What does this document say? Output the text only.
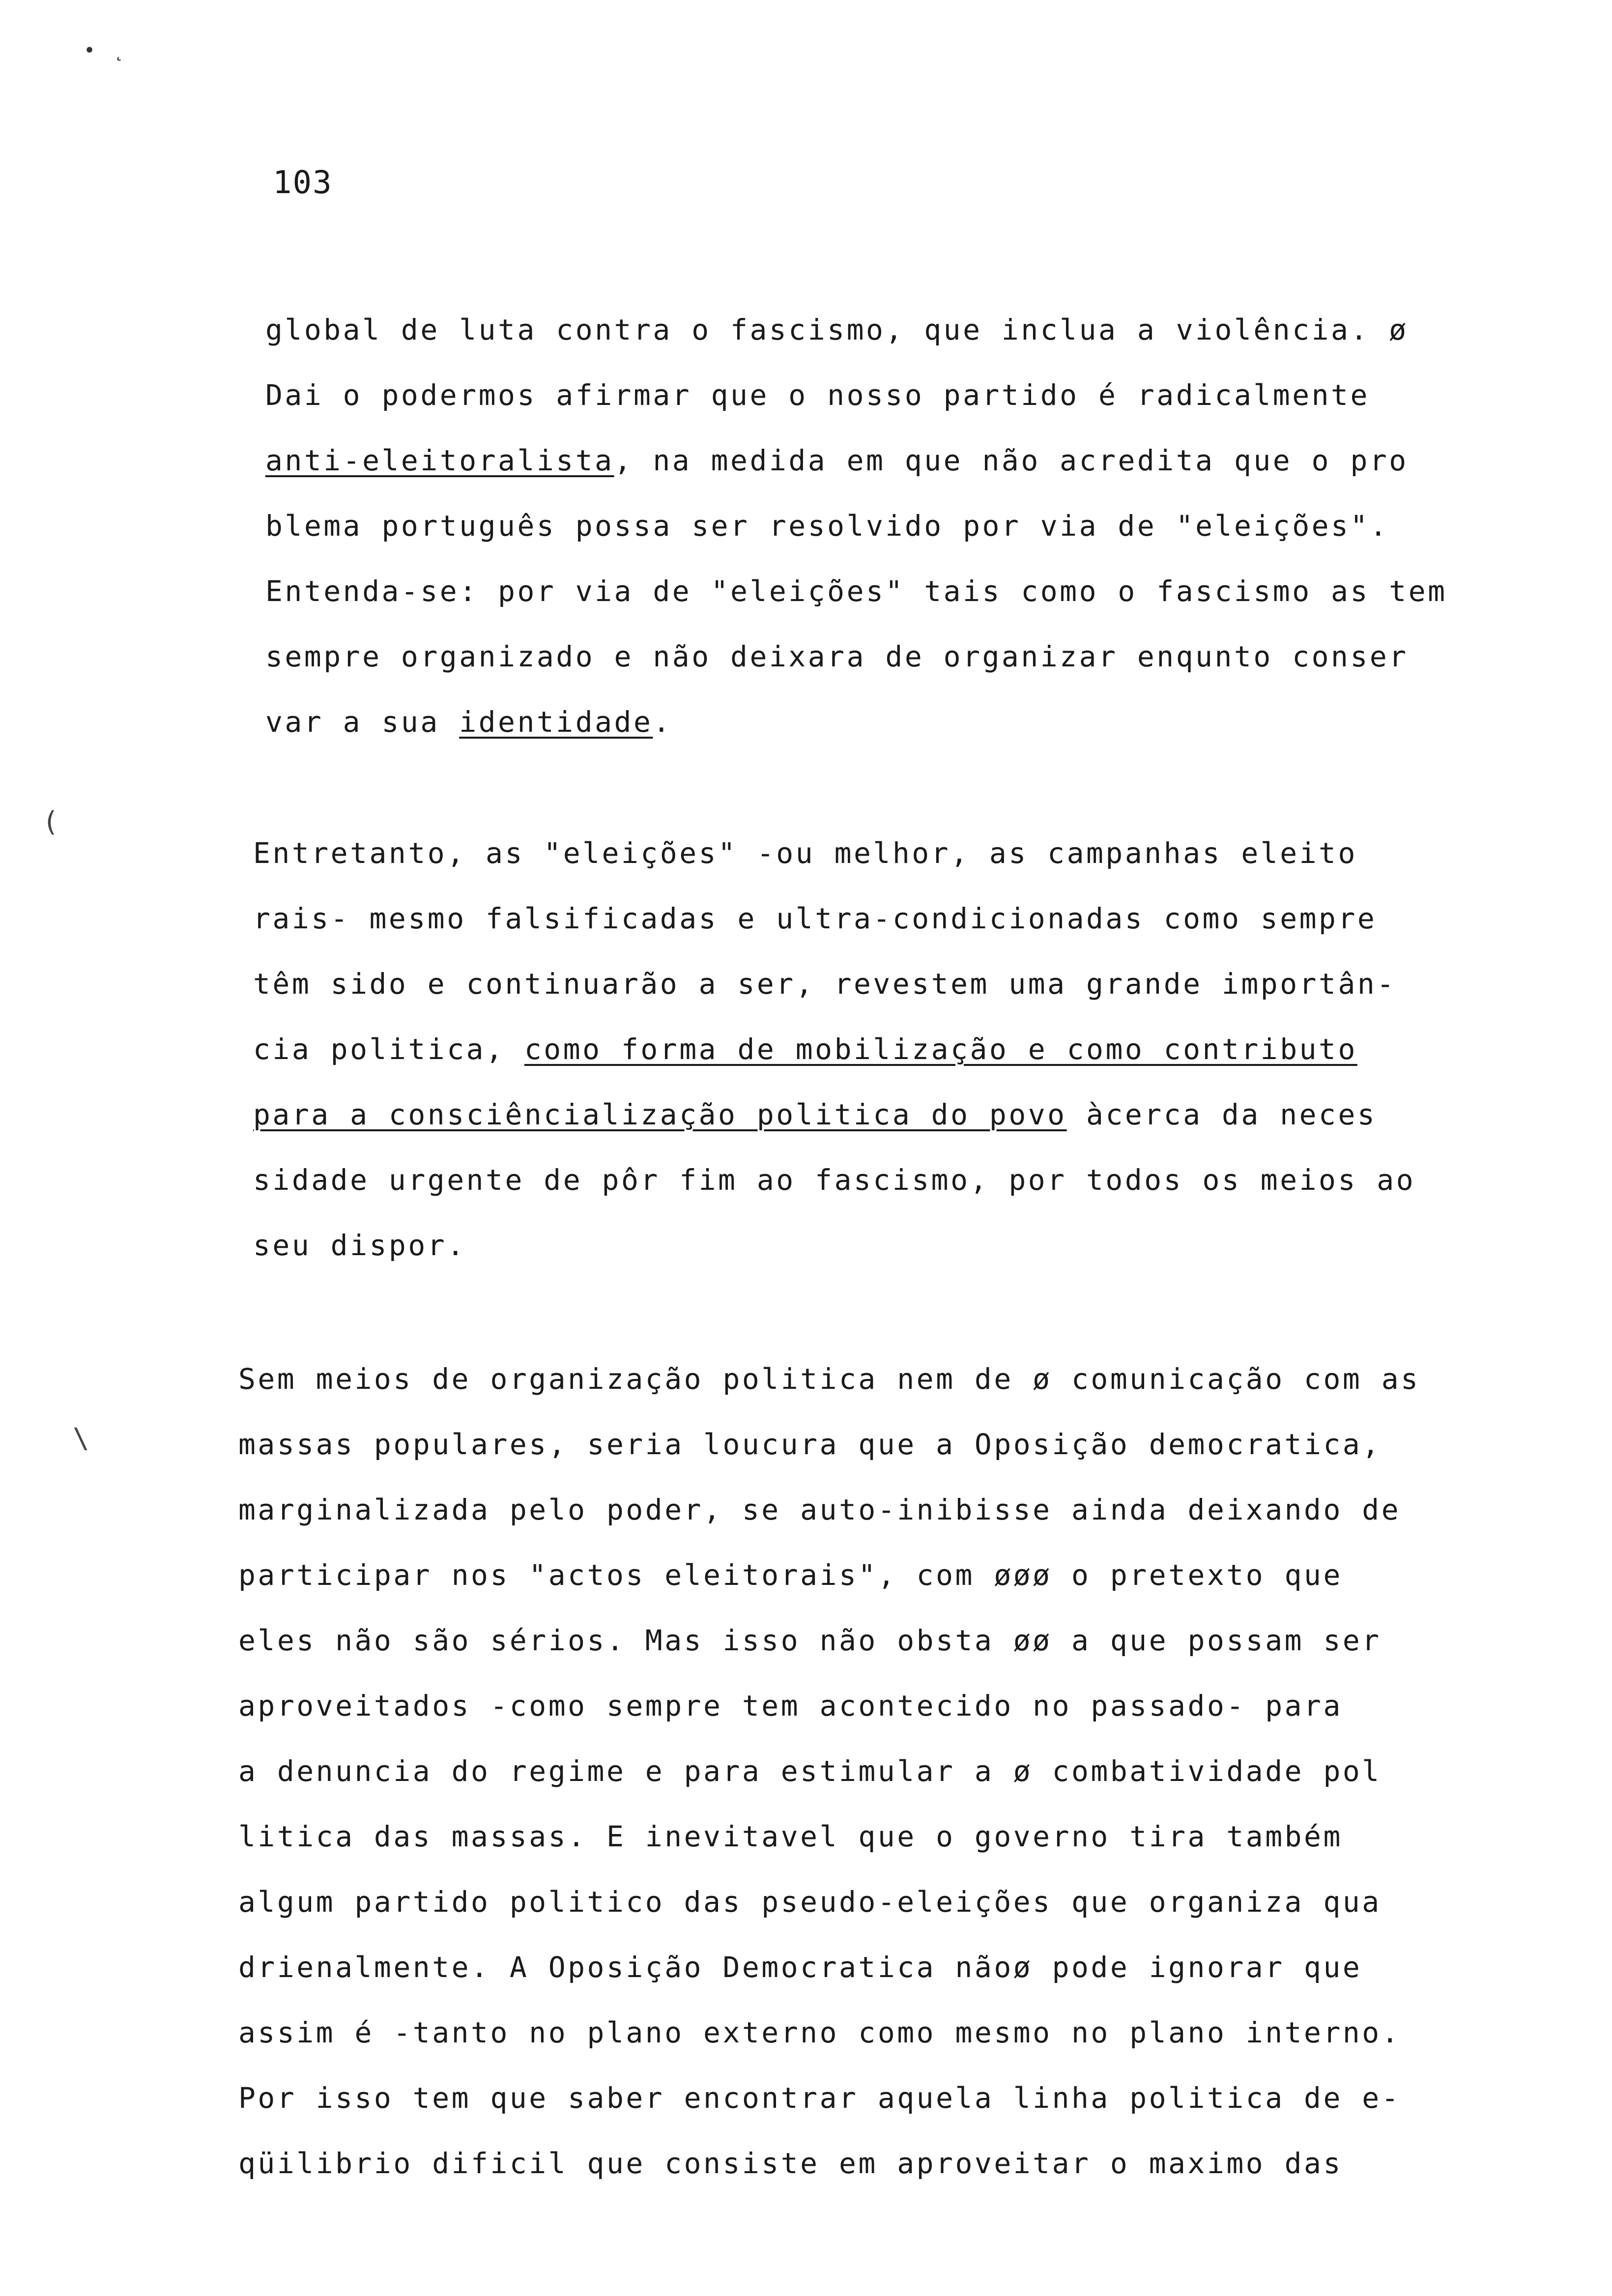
• ˛
(
\
103
global de luta contra o fascismo, que inclua a violência. ø
Dai o podermos afirmar que o nosso partido é radicalmente
anti-eleitoralista, na medida em que não acredita que o pro
blema português possa ser resolvido por via de "eleições".
Entenda-se: por via de "eleições" tais como o fascismo as tem
sempre organizado e não deixara de organizar enqunto conser
var a sua identidade.
Entretanto, as "eleições" -ou melhor, as campanhas eleito
rais- mesmo falsificadas e ultra-condicionadas como sempre
têm sido e continuarão a ser, revestem uma grande importân-
cia politica, como forma de mobilização e como contributo
para a consciêncialização politica do povo àcerca da neces
sidade urgente de pôr fim ao fascismo, por todos os meios ao
seu dispor.
Sem meios de organização politica nem de ø comunicação com as
massas populares, seria loucura que a Oposição democratica,
marginalizada pelo poder, se auto-inibisse ainda deixando de
participar nos "actos eleitorais", com øøø o pretexto que
eles não são sérios. Mas isso não obsta øø a que possam ser
aproveitados -como sempre tem acontecido no passado- para
a denuncia do regime e para estimular a ø combatividade pol
litica das massas. E inevitavel que o governo tira também
algum partido politico das pseudo-eleições que organiza qua
drienalmente. A Oposição Democratica nãoø pode ignorar que
assim é -tanto no plano externo como mesmo no plano interno.
Por isso tem que saber encontrar aquela linha politica de e-
qüilibrio dificil que consiste em aproveitar o maximo das
